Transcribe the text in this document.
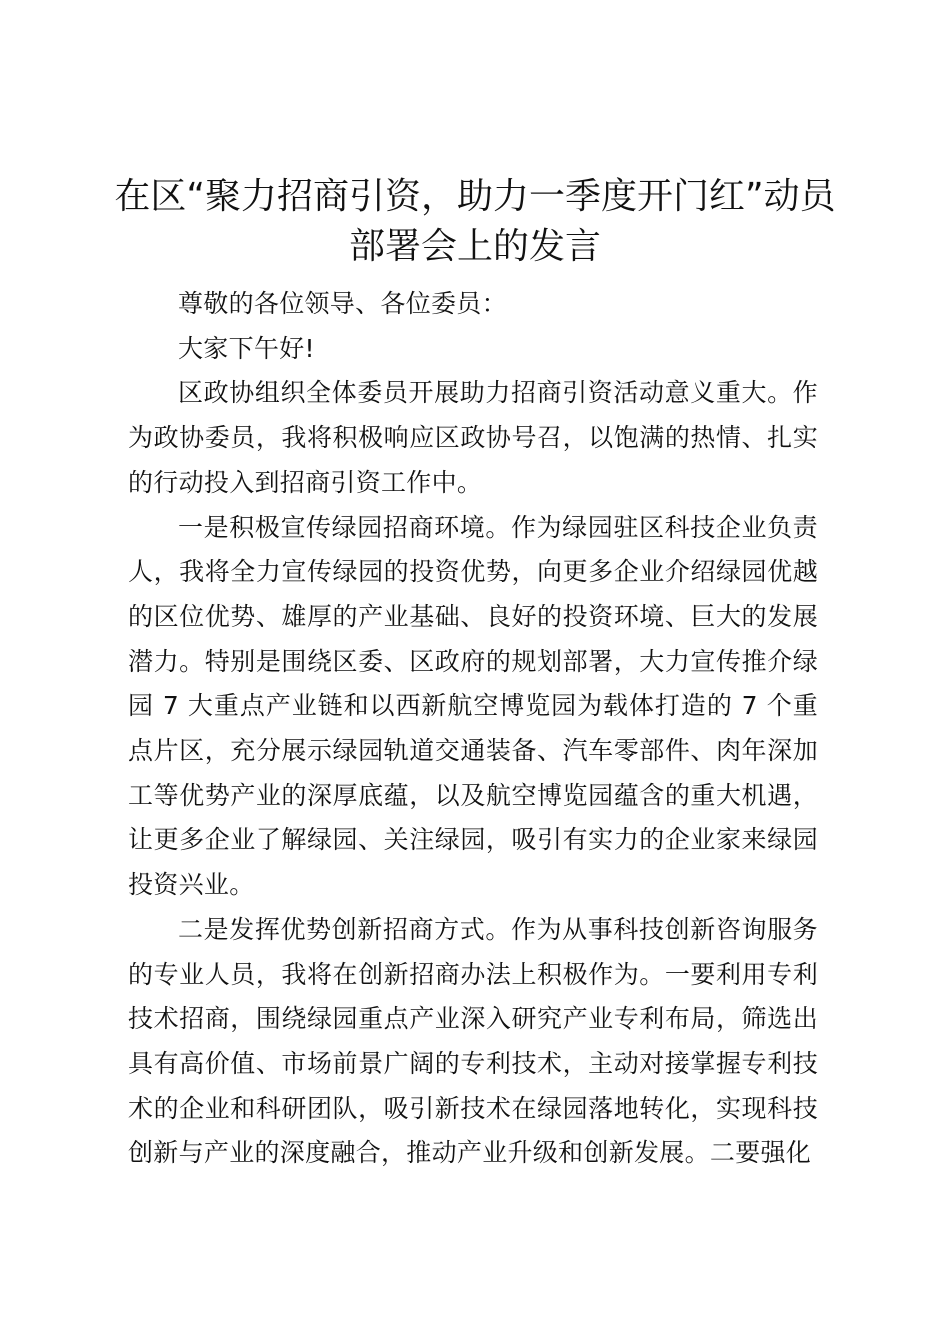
在区“聚力招商引资，助力一季度开门红”动员部署会上的发言

尊敬的各位领导、各位委员：

大家下午好!

区政协组织全体委员开展助力招商引资活动意义重大。作为政协委员，我将积极响应区政协号召，以饱满的热情、扎实的行动投入到招商引资工作中。

一是积极宣传绿园招商环境。作为绿园驻区科技企业负责人，我将全力宣传绿园的投资优势，向更多企业介绍绿园优越的区位优势、雄厚的产业基础、良好的投资环境、巨大的发展潜力。特别是围绕区委、区政府的规划部署，大力宣传推介绿园 7 大重点产业链和以西新航空博览园为载体打造的 7 个重点片区，充分展示绿园轨道交通装备、汽车零部件、肉年深加工等优势产业的深厚底蕴，以及航空博览园蕴含的重大机遇，让更多企业了解绿园、关注绿园，吸引有实力的企业家来绿园投资兴业。

二是发挥优势创新招商方式。作为从事科技创新咨询服务的专业人员，我将在创新招商办法上积极作为。一要利用专利技术招商，围绕绿园重点产业深入研究产业专利布局，筛选出具有高价值、市场前景广阔的专利技术，主动对接掌握专利技术的企业和科研团队，吸引新技术在绿园落地转化，实现科技创新与产业的深度融合，推动产业升级和创新发展。二要强化
